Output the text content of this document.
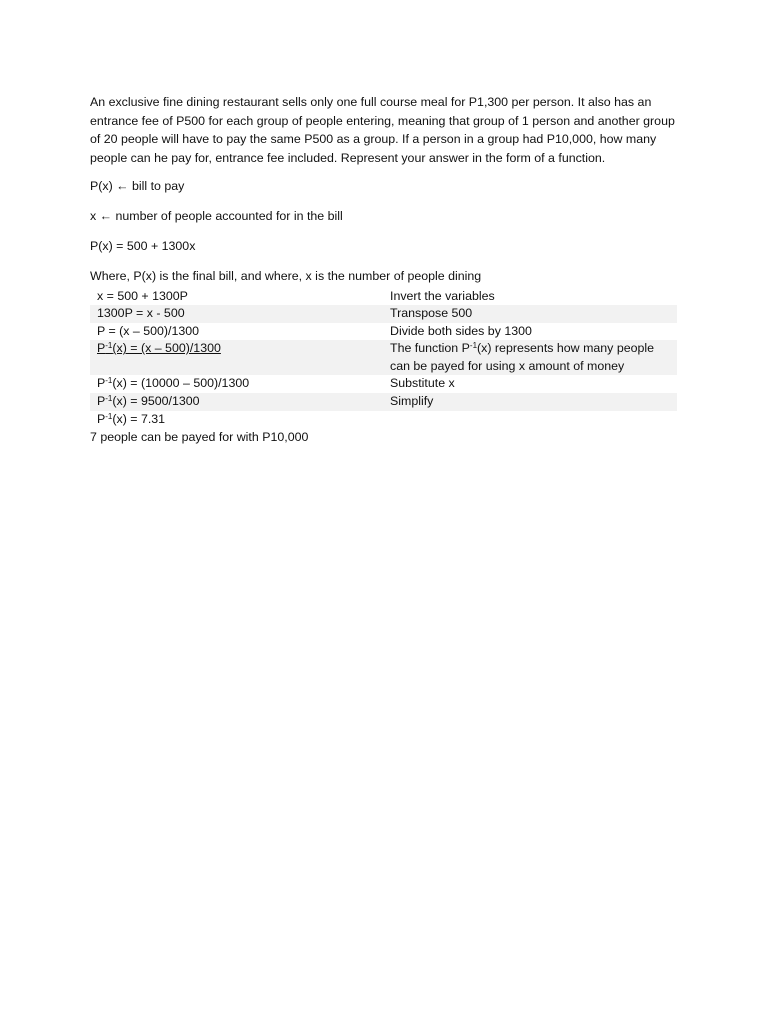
An exclusive fine dining restaurant sells only one full course meal for P1,300 per person. It also has an entrance fee of P500 for each group of people entering, meaning that group of 1 person and another group of 20 people will have to pay the same P500 as a group. If a person in a group had P10,000, how many people can he pay for, entrance fee included. Represent your answer in the form of a function.

P(x) ← bill to pay

x ← number of people accounted for in the bill

P(x) = 500 + 1300x

Where, P(x) is the final bill, and where, x is the number of people dining

x = 500 + 1300P	Invert the variables
1300P = x - 500	Transpose 500
P = (x – 500)/1300	Divide both sides by 1300
$P^{-1}(x) = (x - 500)/1300$	The function $P^{-1}(x)$ represents how many people can be payed for using x amount of money
$P^{-1}(x) = (10000 - 500)/1300$	Substitute x
$P^{-1}(x) = 9500/1300$	Simplify
$P^{-1}(x) = 7.31$	

7 people can be payed for with P10,000
